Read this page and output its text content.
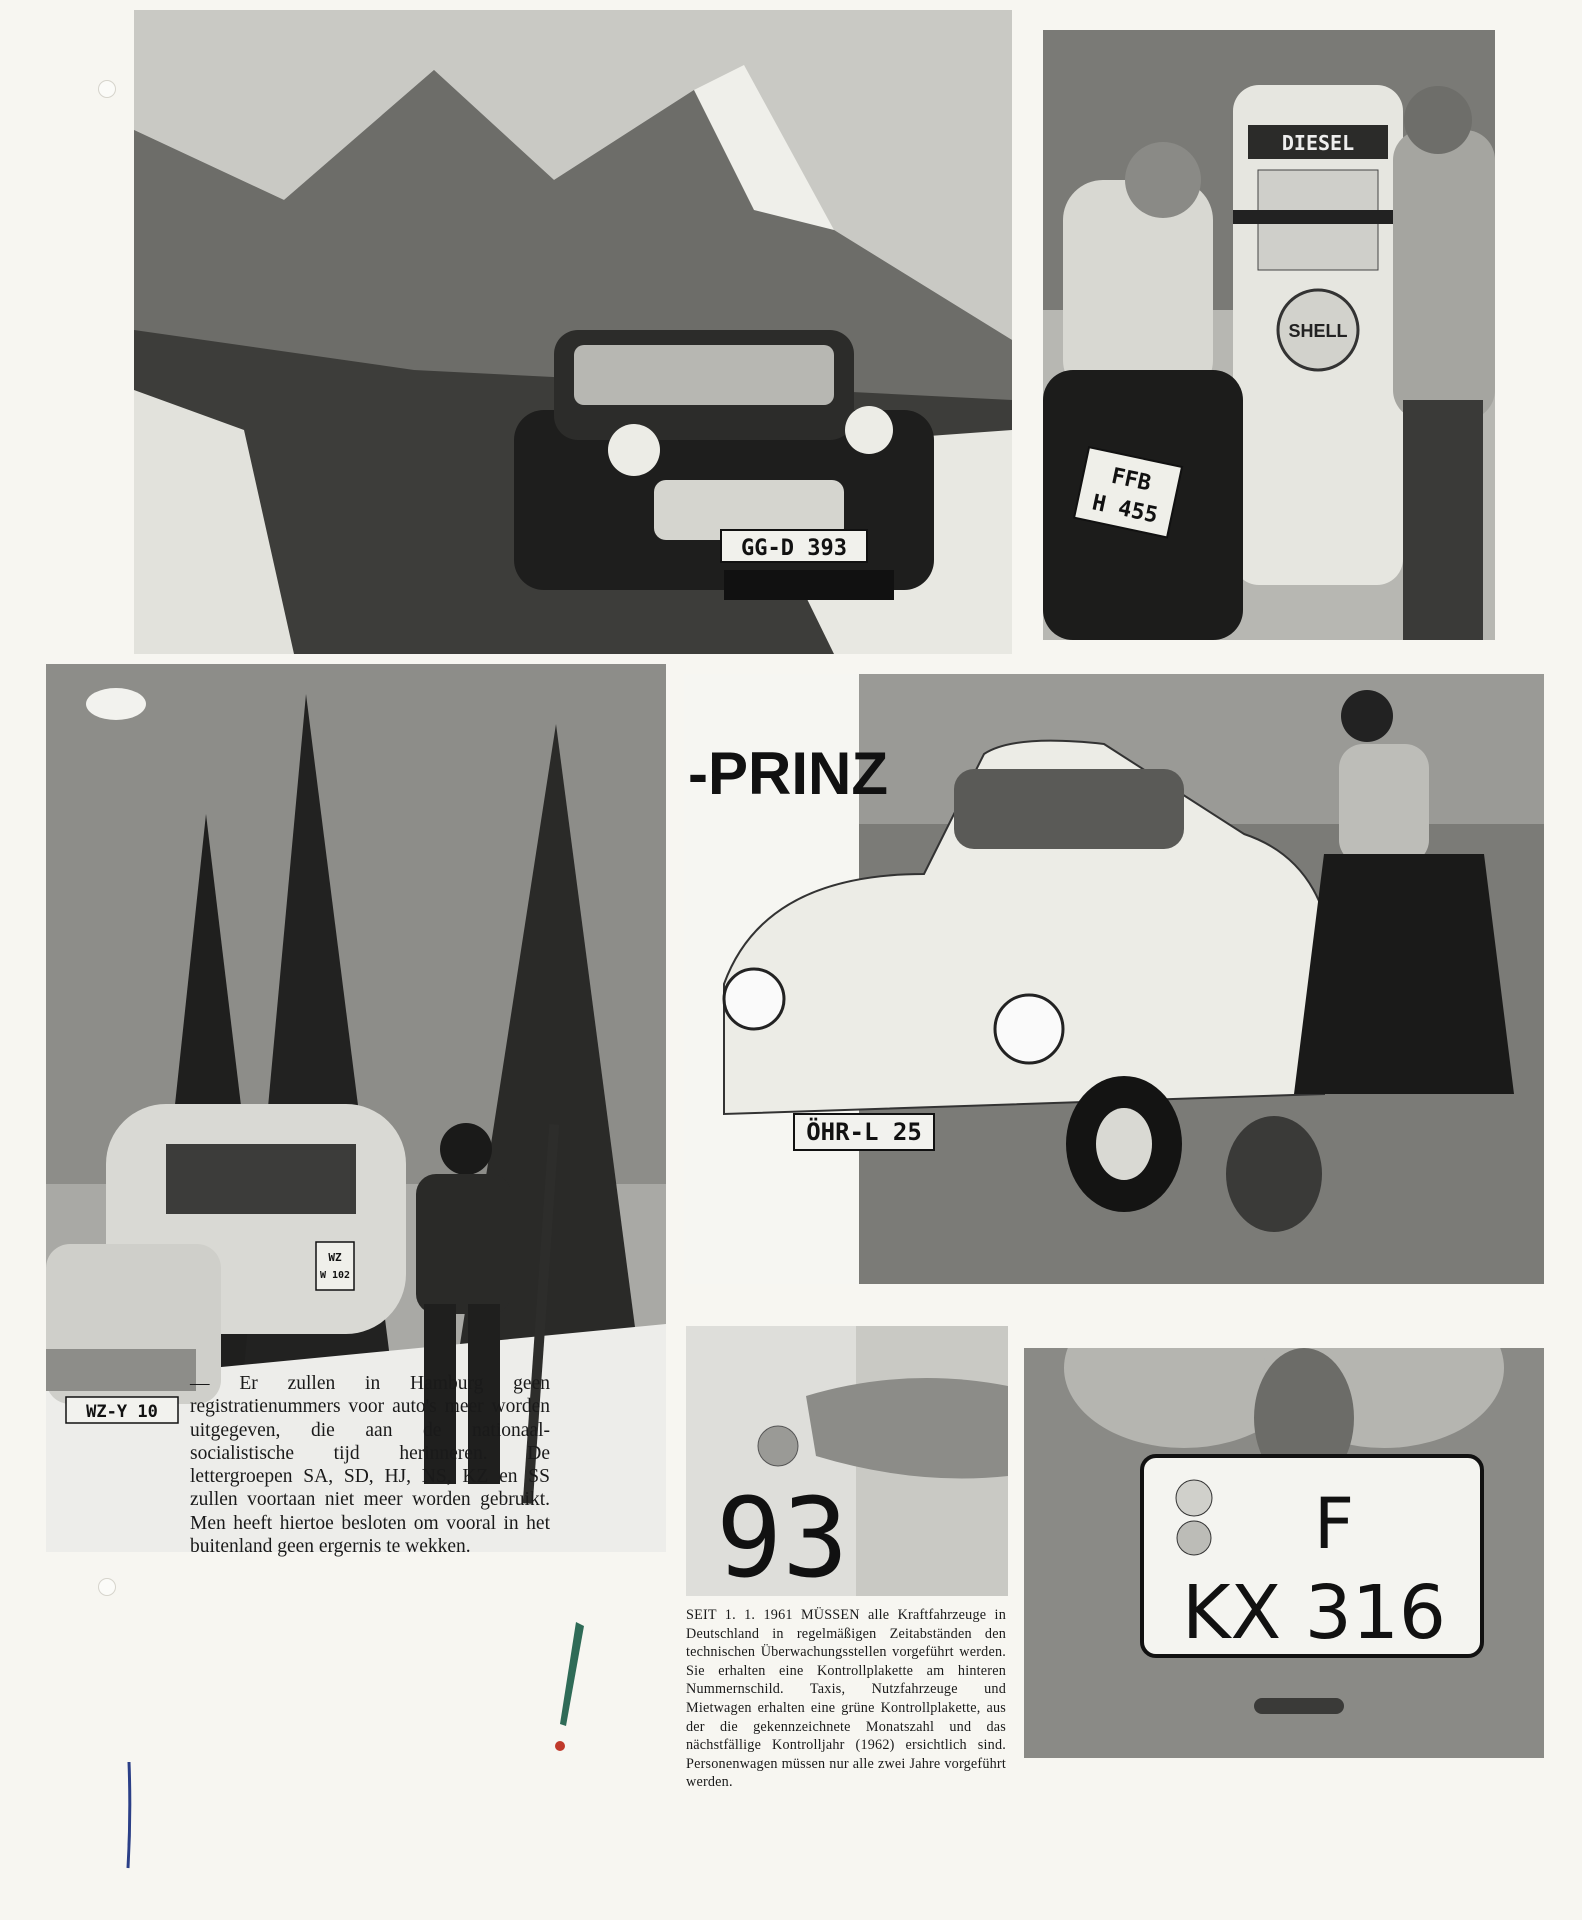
GG-D 393
DIESEL
SHELL
FFB
H 455
WZ
W 102
WZ-Y 10
-PRINZ
ÖHR-L 25
93	F
KX 316
— Er zullen in Hamburg geen registratienummers voor auto's meer worden uitgegeven, die aan de nationaal-socialistische tijd herinneren. De lettergroepen SA, SD, HJ, NS, KZ en SS zullen voortaan niet meer worden gebruikt. Men heeft hiertoe besloten om vooral in het buitenland geen ergernis te wekken.
SEIT 1. 1. 1961 MÜSSEN alle Kraftfahrzeuge in Deutschland in regelmäßigen Zeitabständen den technischen Überwachungsstellen vorgeführt werden. Sie erhalten eine Kontrollplakette am hinteren Nummernschild. Taxis, Nutzfahrzeuge und Mietwagen erhalten eine grüne Kontrollplakette, aus der die gekennzeichnete Monatszahl und das nächstfällige Kontrolljahr (1962) ersichtlich sind. Personenwagen müssen nur alle zwei Jahre vorgeführt werden.
